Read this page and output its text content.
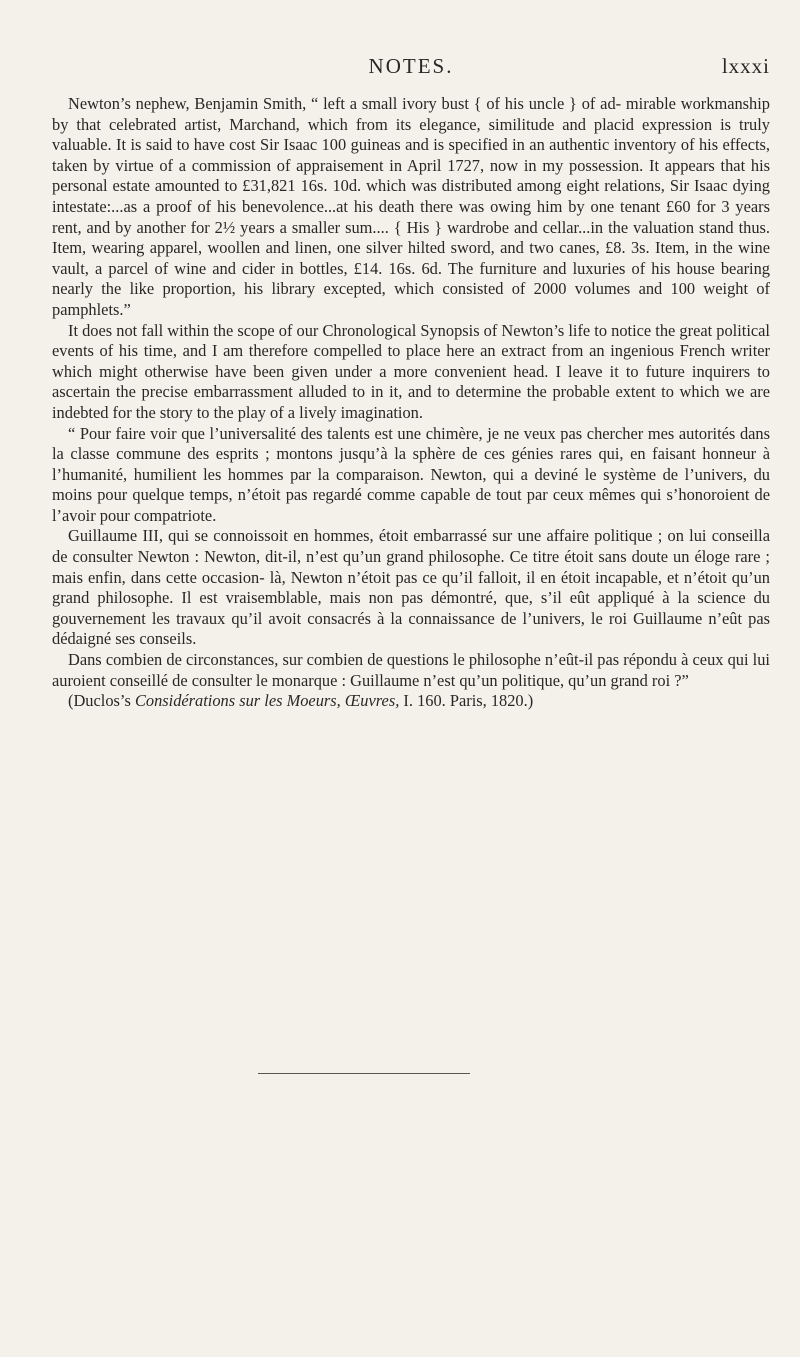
NOTES.	lxxxi

Newton’s nephew, Benjamin Smith, “ left a small ivory bust { of his uncle } of ad- mirable workmanship by that celebrated artist, Marchand, which from its elegance, similitude and placid expression is truly valuable. It is said to have cost Sir Isaac 100 guineas and is specified in an authentic inventory of his effects, taken by virtue of a commission of appraisement in April 1727, now in my possession. It appears that his personal estate amounted to £31,821 16s. 10d. which was distributed among eight relations, Sir Isaac dying intestate:...as a proof of his benevolence...at his death there was owing him by one tenant £60 for 3 years rent, and by another for 2½ years a smaller sum.... { His } wardrobe and cellar...in the valuation stand thus. Item, wearing apparel, woollen and linen, one silver hilted sword, and two canes, £8. 3s. Item, in the wine vault, a parcel of wine and cider in bottles, £14. 16s. 6d. The furniture and luxuries of his house bearing nearly the like proportion, his library excepted, which consisted of 2000 volumes and 100 weight of pamphlets.”

It does not fall within the scope of our Chronological Synopsis of Newton’s life to notice the great political events of his time, and I am therefore compelled to place here an extract from an ingenious French writer which might otherwise have been given under a more convenient head. I leave it to future inquirers to ascertain the precise embarrassment alluded to in it, and to determine the probable extent to which we are indebted for the story to the play of a lively imagination.

“ Pour faire voir que l’universalité des talents est une chimère, je ne veux pas chercher mes autorités dans la classe commune des esprits ; montons jusqu’à la sphère de ces génies rares qui, en faisant honneur à l’humanité, humilient les hommes par la comparaison. Newton, qui a deviné le système de l’univers, du moins pour quelque temps, n’étoit pas regardé comme capable de tout par ceux mêmes qui s’honoroient de l’avoir pour compatriote.

Guillaume III, qui se connoissoit en hommes, étoit embarrassé sur une affaire politique ; on lui conseilla de consulter Newton : Newton, dit-il, n’est qu’un grand philosophe. Ce titre étoit sans doute un éloge rare ; mais enfin, dans cette occasion- là, Newton n’étoit pas ce qu’il falloit, il en étoit incapable, et n’étoit qu’un grand philosophe. Il est vraisemblable, mais non pas démontré, que, s’il eût appliqué à la science du gouvernement les travaux qu’il avoit consacrés à la connaissance de l’univers, le roi Guillaume n’eût pas dédaigné ses conseils.

Dans combien de circonstances, sur combien de questions le philosophe n’eût-il pas répondu à ceux qui lui auroient conseillé de consulter le monarque : Guillaume n’est qu’un politique, qu’un grand roi ?”

(Duclos’s Considérations sur les Moeurs, Œuvres, I. 160. Paris, 1820.)
